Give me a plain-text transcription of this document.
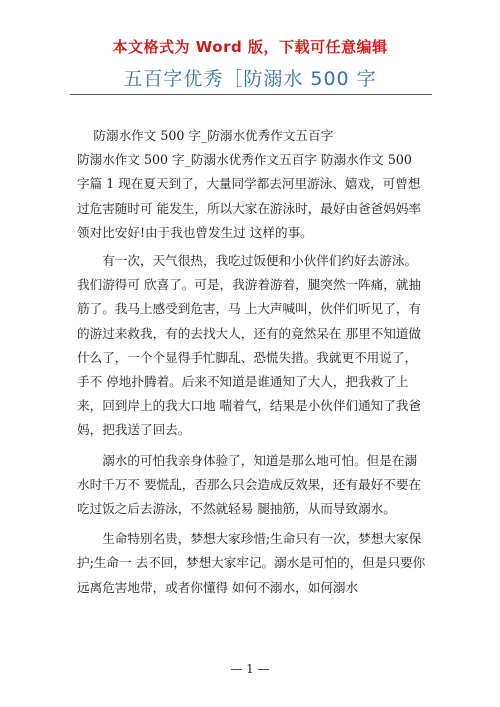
本文格式为 Word 版，下载可任意编辑
五百字优秀［防溺水 500 字

防溺水作文 500 字_防溺水优秀作文五百字

防溺水作文 500 字_防溺水优秀作文五百字 防溺水作文 500 字篇 1 现在夏天到了，大量同学都去河里游泳、嬉戏，可曾想过危害随时可 能发生，所以大家在游泳时，最好由爸爸妈妈率领对比安好!由于我也曾发生过 这样的事。

有一次，天气很热，我吃过饭便和小伙伴们约好去游泳。我们游得可 欣喜了。可是，我游着游着，腿突然一阵痛，就抽筋了。我马上感受到危害，马 上大声喊叫，伙伴们听见了，有的游过来救我，有的去找大人，还有的竟然呆在 那里不知道做什么了，一个个显得手忙脚乱、恐慌失措。我就更不用说了，手不 停地扑腾着。后来不知道是谁通知了大人，把我救了上来，回到岸上的我大口地 喘着气，结果是小伙伴们通知了我爸妈，把我送了回去。

溺水的可怕我亲身体验了，知道是那么地可怕。但是在溺水时千万不 要慌乱，否那么只会造成反效果，还有最好不要在吃过饭之后去游泳，不然就轻易 腿抽筋，从而导致溺水。

生命特别名贵，梦想大家珍惜;生命只有一次，梦想大家保护;生命一 去不回，梦想大家牢记。溺水是可怕的，但是只要你远离危害地带，或者你懂得 如何不溺水，如何溺水

— 1 —
